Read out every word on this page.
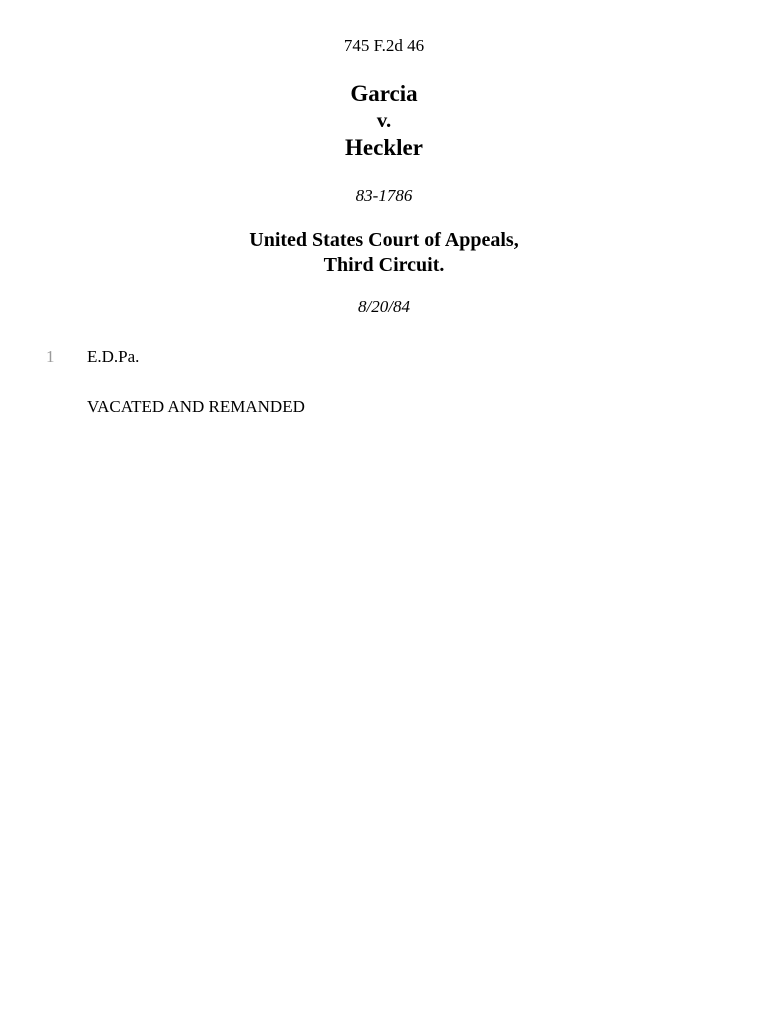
745 F.2d 46
Garcia
v.
Heckler
83-1786
United States Court of Appeals,
Third Circuit.
8/20/84
1 E.D.Pa.
VACATED AND REMANDED
